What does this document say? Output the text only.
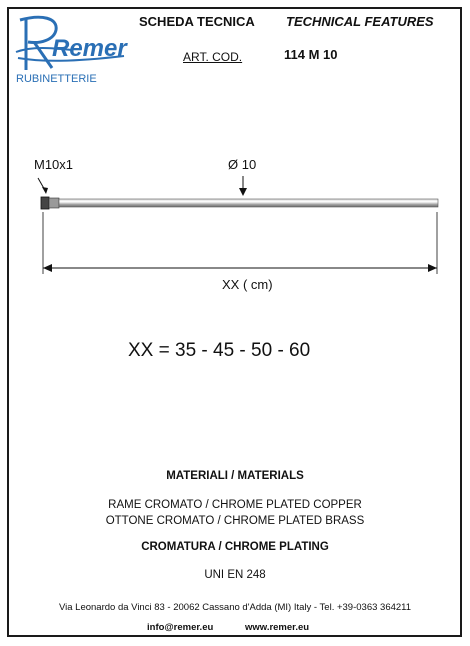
Remer
RUBINETTERIE
SCHEDA TECNICA TECHNICAL FEATURES
ART. COD.	114 M 10
M10x1	Ø 10
XX ( cm)
XX = 35 - 45 - 50 - 60
MATERIALI / MATERIALS
RAME CROMATO / CHROME PLATED COPPER
OTTONE CROMATO / CHROME PLATED BRASS
CROMATURA / CHROME PLATING
UNI EN 248
Via Leonardo da Vinci 83 - 20062 Cassano d'Adda (MI) Italy - Tel. +39-0363 364211
info@remer.eu	www.remer.eu
